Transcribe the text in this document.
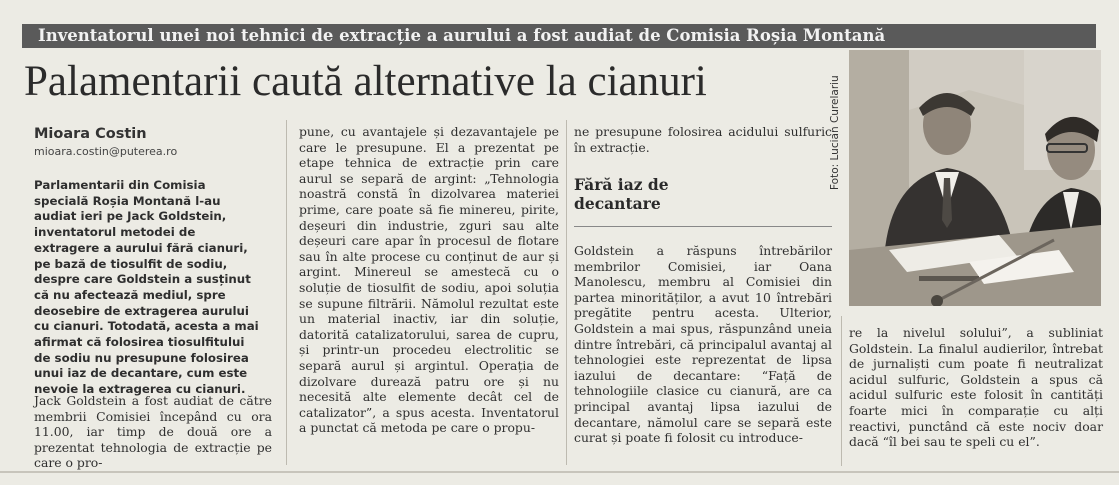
Inventatorul unei noi tehnici de extracție a aurului a fost audiat de Comisia Roșia Montană
Palamentarii caută alternative la cianuri	Foto: Lucian Curelariu
Mioara Costin
mioara.costin@puterea.ro

Parlamentarii din Comisia specială Roșia Montană l-au audiat ieri pe Jack Goldstein, inventatorul metodei de extragere a aurului fără cianuri, pe bază de tiosulfit de sodiu, despre care Goldstein a susținut că nu afectează mediul, spre deosebire de extragerea aurului cu cianuri. Totodată, acesta a mai afirmat că folosirea tiosulfitului de sodiu nu presupune folosirea unui iaz de decantare, cum este nevoie la extragerea cu cianuri.

Jack Goldstein a fost audiat de către membrii Comisiei începând cu ora 11.00, iar timp de două ore a prezentat tehnologia de extracție pe care o pro-

pune, cu avantajele și dezavantajele pe care le presupune. El a prezentat pe etape tehnica de extracție prin care aurul se separă de argint: „Tehnologia noastră constă în dizolvarea materiei prime, care poate să fie minereu, pirite, deșeuri din industrie, zguri sau alte deșeuri care apar în procesul de flotare sau în alte procese cu conținut de aur și argint. Minereul se amestecă cu o soluție de tiosulfit de sodiu, apoi soluția se supune filtrării. Nămolul rezultat este un material inactiv, iar din soluție, datorită catalizatorului, sarea de cupru, și printr-un procedeu electrolitic se separă aurul și argintul. Operația de dizolvare durează patru ore și nu necesită alte elemente decât cel de catalizator”, a spus acesta. Inventatorul a punctat că metoda pe care o propu-

ne presupune folosirea acidului sulfuric în extracție.

Fără iaz de decantare

Goldstein a răspuns întrebărilor membrilor Comisiei, iar Oana Manolescu, membru al Comisiei din partea minorităților, a avut 10 întrebări pregătite pentru acesta. Ulterior, Goldstein a mai spus, răspunzând uneia dintre întrebări, că principalul avantaj al tehnologiei este reprezentat de lipsa iazului de decantare: “Față de tehnologiile clasice cu cianură, are ca principal avantaj lipsa iazului de decantare, nămolul care se separă este curat și poate fi folosit cu introduce-

re la nivelul solului”, a subliniat Goldstein. La finalul audierilor, întrebat de jurnaliști cum poate fi neutralizat acidul sulfuric, Goldstein a spus că acidul sulfuric este folosit în cantități foarte mici în comparație cu alți reactivi, punctând că este nociv doar dacă “îl bei sau te speli cu el”.
